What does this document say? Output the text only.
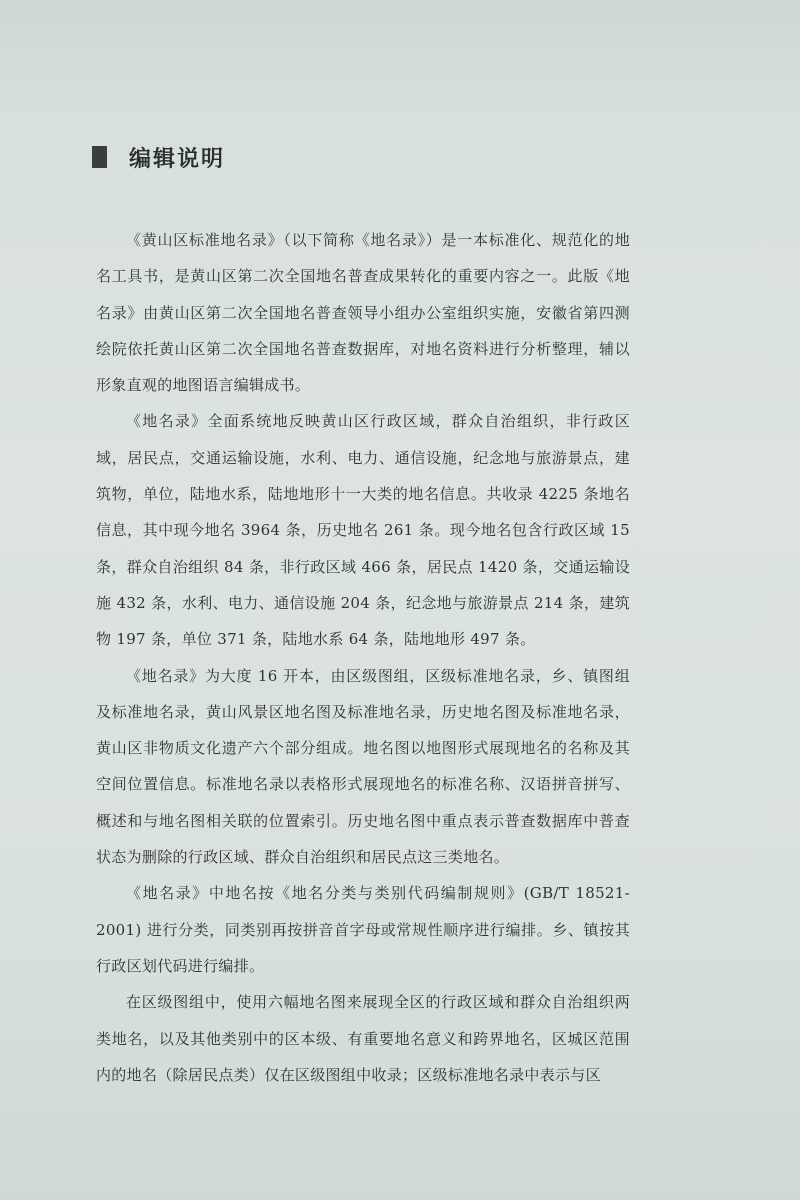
编辑说明

《黄山区标准地名录》（以下简称《地名录》）是一本标准化、规范化的地名工具书，是黄山区第二次全国地名普查成果转化的重要内容之一。此版《地名录》由黄山区第二次全国地名普查领导小组办公室组织实施，安徽省第四测绘院依托黄山区第二次全国地名普查数据库，对地名资料进行分析整理，辅以形象直观的地图语言编辑成书。

《地名录》全面系统地反映黄山区行政区域，群众自治组织，非行政区域，居民点，交通运输设施，水利、电力、通信设施，纪念地与旅游景点，建筑物，单位，陆地水系，陆地地形十一大类的地名信息。共收录 4225 条地名信息，其中现今地名 3964 条，历史地名 261 条。现今地名包含行政区域 15 条，群众自治组织 84 条，非行政区域 466 条，居民点 1420 条，交通运输设施 432 条，水利、电力、通信设施 204 条，纪念地与旅游景点 214 条，建筑物 197 条，单位 371 条，陆地水系 64 条，陆地地形 497 条。

《地名录》为大度 16 开本，由区级图组，区级标准地名录，乡、镇图组及标准地名录，黄山风景区地名图及标准地名录，历史地名图及标准地名录，黄山区非物质文化遗产六个部分组成。地名图以地图形式展现地名的名称及其空间位置信息。标准地名录以表格形式展现地名的标准名称、汉语拼音拼写、概述和与地名图相关联的位置索引。历史地名图中重点表示普查数据库中普查状态为删除的行政区域、群众自治组织和居民点这三类地名。

《地名录》中地名按《地名分类与类别代码编制规则》(GB/T 18521-2001) 进行分类，同类别再按拼音首字母或常规性顺序进行编排。乡、镇按其行政区划代码进行编排。

在区级图组中，使用六幅地名图来展现全区的行政区域和群众自治组织两类地名，以及其他类别中的区本级、有重要地名意义和跨界地名，区城区范围内的地名（除居民点类）仅在区级图组中收录；区级标准地名录中表示与区
